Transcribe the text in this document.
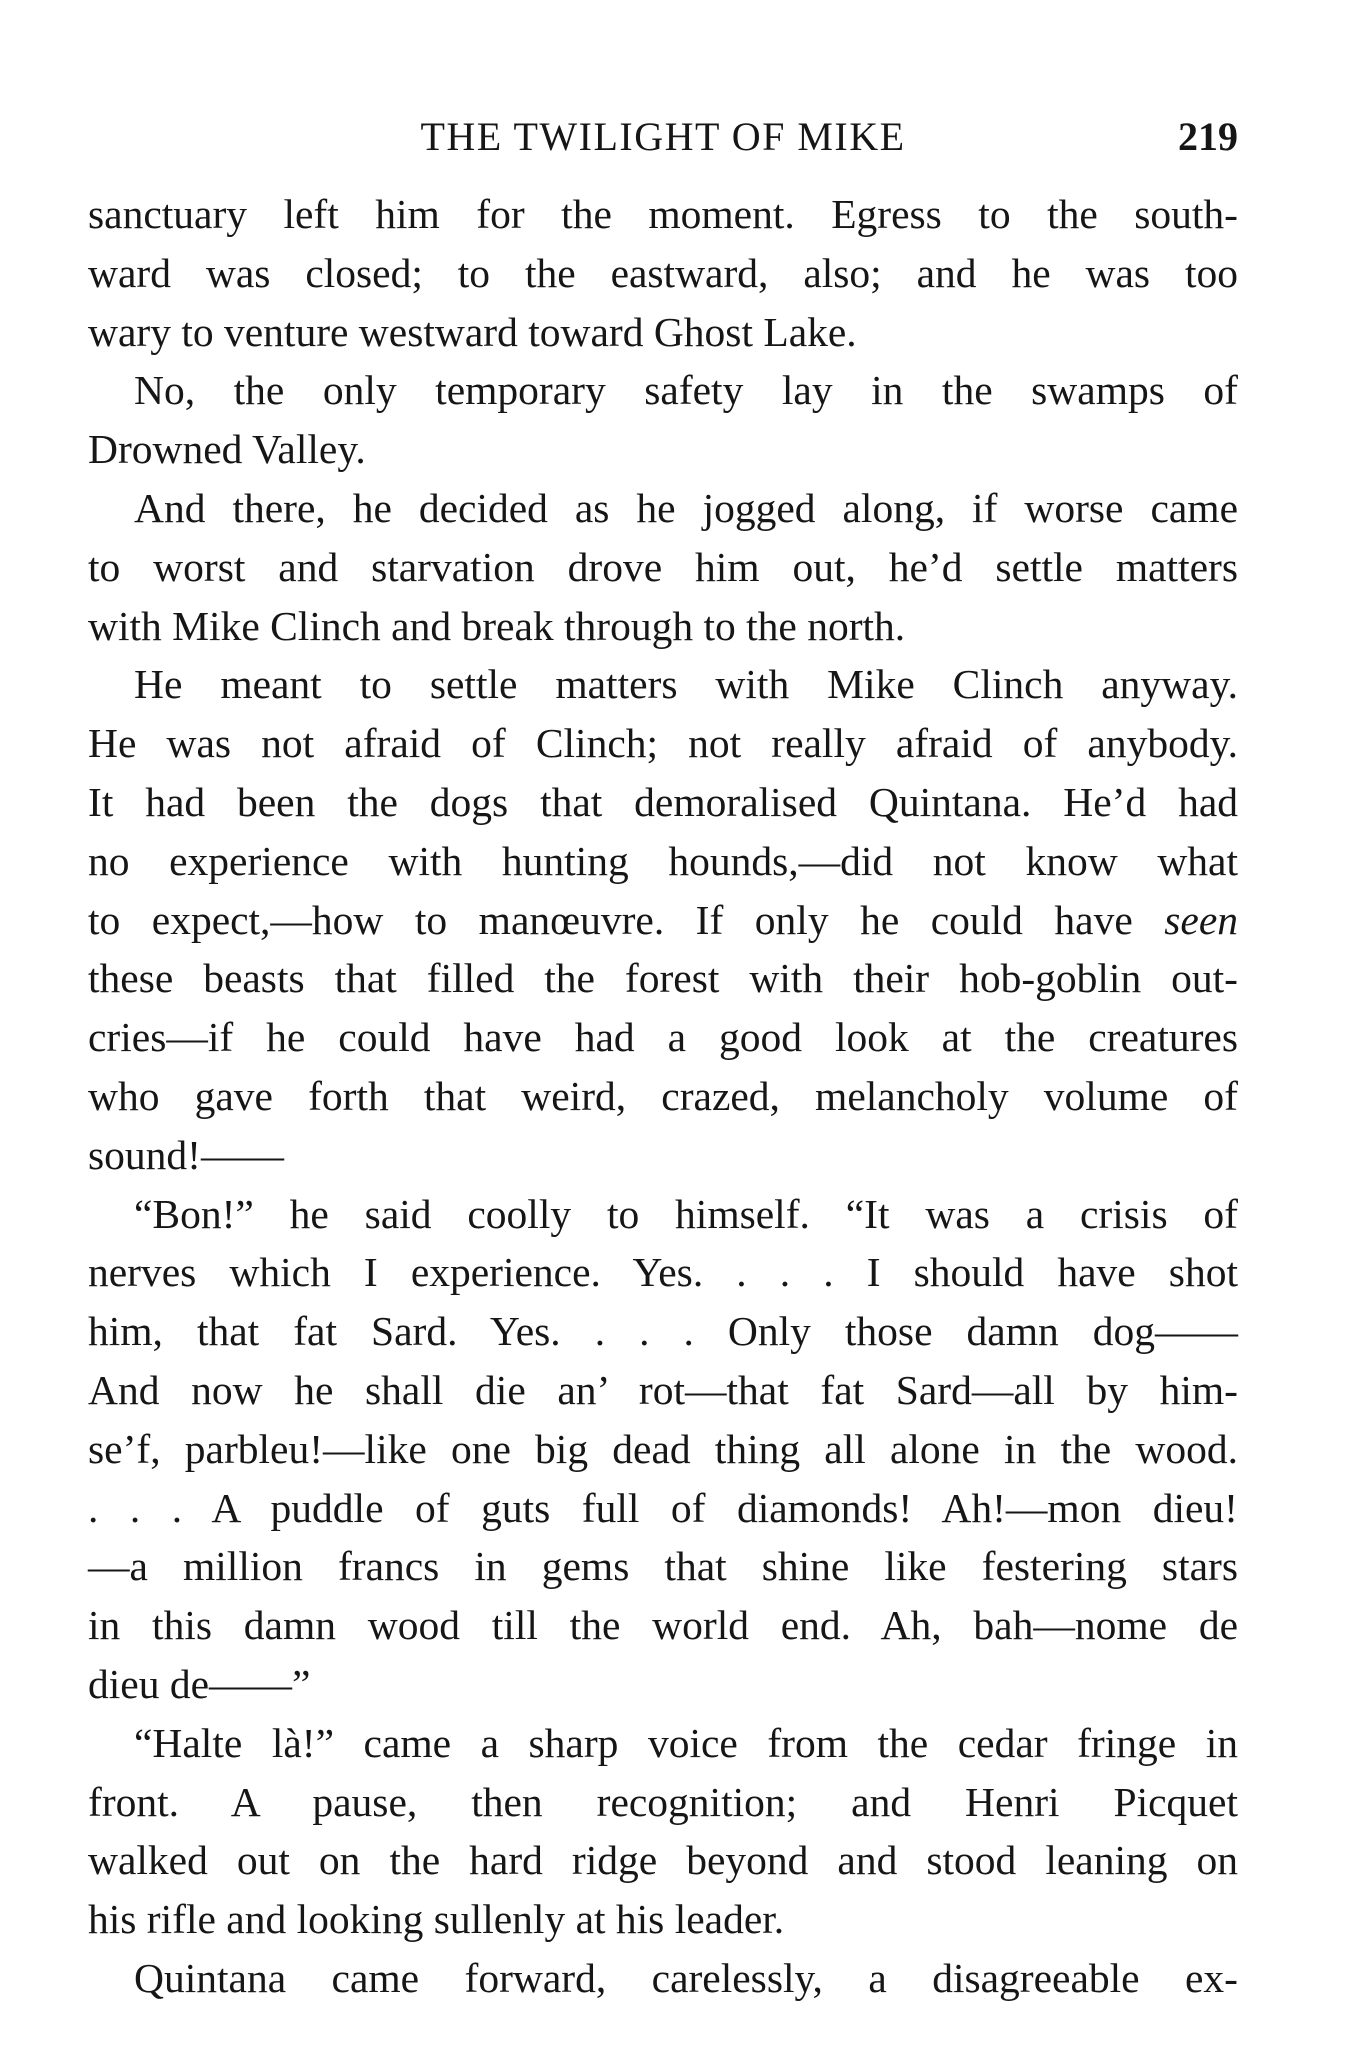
THE TWILIGHT OF MIKE	219
sanctuary left him for the moment. Egress to the south-
ward was closed; to the eastward, also; and he was too
wary to venture westward toward Ghost Lake.
No, the only temporary safety lay in the swamps of
Drowned Valley.
And there, he decided as he jogged along, if worse came
to worst and starvation drove him out, he’d settle matters
with Mike Clinch and break through to the north.
He meant to settle matters with Mike Clinch anyway.
He was not afraid of Clinch; not really afraid of anybody.
It had been the dogs that demoralised Quintana. He’d had
no experience with hunting hounds,—did not know what
to expect,—how to manœuvre. If only he could have seen
these beasts that filled the forest with their hob-goblin out-
cries—if he could have had a good look at the creatures
who gave forth that weird, crazed, melancholy volume of
sound!——
“Bon!” he said coolly to himself. “It was a crisis of
nerves which I experience. Yes. . . . I should have shot
him, that fat Sard. Yes. . . . Only those damn dog——
And now he shall die an’ rot—that fat Sard—all by him-
se’f, parbleu!—like one big dead thing all alone in the wood.
. . . A puddle of guts full of diamonds! Ah!—mon dieu!
—a million francs in gems that shine like festering stars
in this damn wood till the world end. Ah, bah—nome de
dieu de——”
“Halte là!” came a sharp voice from the cedar fringe in
front. A pause, then recognition; and Henri Picquet
walked out on the hard ridge beyond and stood leaning on
his rifle and looking sullenly at his leader.
Quintana came forward, carelessly, a disagreeable ex-
